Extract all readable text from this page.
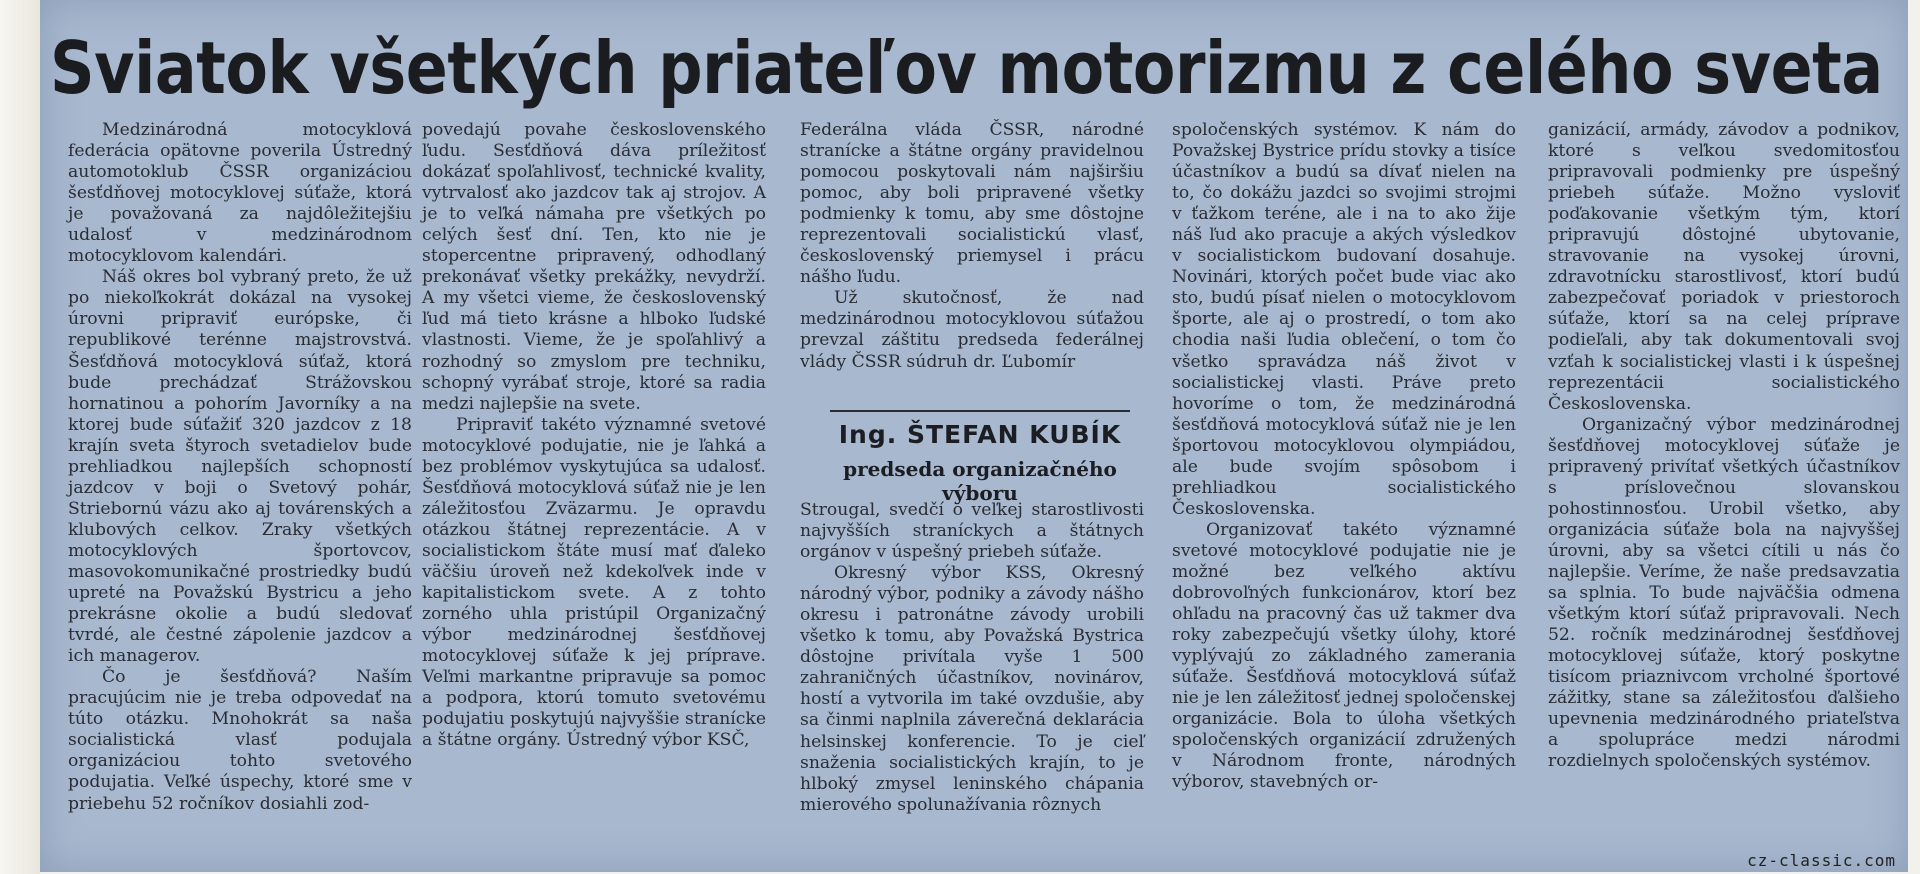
Sviatok všetkých priateľov motorizmu z celého sveta

Medzinárodná motocyklová federácia opätovne poverila Ústredný automotoklub ČSSR organizáciou šesťdňovej motocyklovej súťaže, ktorá je považovaná za najdôležitejšiu udalosť v medzinárodnom motocyklovom kalendári.

Náš okres bol vybraný preto, že už po niekoľkokrát dokázal na vysokej úrovni pripraviť európske, či republikové terénne majstrovstvá. Šesťdňová motocyklová súťaž, ktorá bude prechádzať Strážovskou hornatinou a pohorím Javorníky a na ktorej bude súťažiť 320 jazdcov z 18 krajín sveta štyroch svetadielov bude prehliadkou najlepších schopností jazdcov v boji o Svetový pohár, Striebornú vázu ako aj továrenských a klubových celkov. Zraky všetkých motocyklových športovcov, masovokomunikačné prostriedky budú upreté na Považskú Bystricu a jeho prekrásne okolie a budú sledovať tvrdé, ale čestné zápolenie jazdcov a ich managerov.

Čo je šesťdňová? Naším pracujúcim nie je treba odpovedať na túto otázku. Mnohokrát sa naša socialistická vlasť podujala organizáciou tohto svetového podujatia. Veľké úspechy, ktoré sme v priebehu 52 ročníkov dosiahli zod-

povedajú povahe československého ľudu. Sesťdňová dáva príležitosť dokázať spoľahlivosť, technické kvality, vytrvalosť ako jazdcov tak aj strojov. A je to veľká námaha pre všetkých po celých šesť dní. Ten, kto nie je stopercentne pripravený, odhodlaný prekonávať všetky prekážky, nevydrží. A my všetci vieme, že československý ľud má tieto krásne a hlboko ľudské vlastnosti. Vieme, že je spoľahlivý a rozhodný so zmyslom pre techniku, schopný vyrábať stroje, ktoré sa radia medzi najlepšie na svete.

Pripraviť takéto významné svetové motocyklové podujatie, nie je ľahká a bez problémov vyskytujúca sa udalosť. Šesťdňová motocyklová súťaž nie je len záležitosťou Zväzarmu. Je opravdu otázkou štátnej reprezentácie. A v socialistickom štáte musí mať ďaleko väčšiu úroveň než kdekoľvek inde v kapitalistickom svete. A z tohto zorného uhla pristúpil Organizačný výbor medzinárodnej šesťdňovej motocyklovej súťaže k jej príprave. Veľmi markantne pripravuje sa pomoc a podpora, ktorú tomuto svetovému podujatiu poskytujú najvyššie stranícke a štátne orgány. Ústredný výbor KSČ,

Federálna vláda ČSSR, národné stranícke a štátne orgány pravidelnou pomocou poskytovali nám najširšiu pomoc, aby boli pripravené všetky podmienky k tomu, aby sme dôstojne reprezentovali socialistickú vlasť, československý priemysel i prácu nášho ľudu.

Už skutočnosť, že nad medzinárodnou motocyklovou súťažou prevzal záštitu predseda federálnej vlády ČSSR súdruh dr. Ľubomír

Ing. ŠTEFAN KUBÍK
predseda organizačného výboru

Strougal, svedčí o veľkej starostlivosti najvyšších straníckych a štátnych orgánov v úspešný priebeh súťaže.

Okresný výbor KSS, Okresný národný výbor, podniky a závody nášho okresu i patronátne závody urobili všetko k tomu, aby Považská Bystrica dôstojne privítala vyše 1 500 zahraničných účastníkov, novinárov, hostí a vytvorila im také ovzdušie, aby sa činmi naplnila záverečná deklarácia helsinskej konferencie. To je cieľ snaženia socialistických krajín, to je hlboký zmysel leninského chápania mierového spolunažívania rôznych

spoločenských systémov. K nám do Považskej Bystrice prídu stovky a tisíce účastníkov a budú sa dívať nielen na to, čo dokážu jazdci so svojimi strojmi v ťažkom teréne, ale i na to ako žije náš ľud ako pracuje a akých výsledkov v socialistickom budovaní dosahuje. Novinári, ktorých počet bude viac ako sto, budú písať nielen o motocyklovom športe, ale aj o prostredí, o tom ako chodia naši ľudia oblečení, o tom čo všetko spravádza náš život v socialistickej vlasti. Práve preto hovoríme o tom, že medzinárodná šesťdňová motocyklová súťaž nie je len športovou motocyklovou olympiádou, ale bude svojím spôsobom i prehliadkou socialistického Československa.

Organizovať takéto významné svetové motocyklové podujatie nie je možné bez veľkého aktívu dobrovoľných funkcionárov, ktorí bez ohľadu na pracovný čas už takmer dva roky zabezpečujú všetky úlohy, ktoré vyplývajú zo základného zamerania súťaže. Šesťdňová motocyklová súťaž nie je len záležitosť jednej spoločenskej organizácie. Bola to úloha všetkých spoločenských organizácií združených v Národnom fronte, národných výborov, stavebných or-

ganizácií, armády, závodov a podnikov, ktoré s veľkou svedomitosťou pripravovali podmienky pre úspešný priebeh súťaže. Možno vysloviť poďakovanie všetkým tým, ktorí pripravujú dôstojné ubytovanie, stravovanie na vysokej úrovni, zdravotnícku starostlivosť, ktorí budú zabezpečovať poriadok v priestoroch súťaže, ktorí sa na celej príprave podieľali, aby tak dokumentovali svoj vzťah k socialistickej vlasti i k úspešnej reprezentácii socialistického Československa.

Organizačný výbor medzinárodnej šesťdňovej motocyklovej súťaže je pripravený privítať všetkých účastníkov s príslovečnou slovanskou pohostinnosťou. Urobil všetko, aby organizácia súťaže bola na najvyššej úrovni, aby sa všetci cítili u nás čo najlepšie. Veríme, že naše predsavzatia sa splnia. To bude najväčšia odmena všetkým ktorí súťaž pripravovali. Nech 52. ročník medzinárodnej šesťdňovej motocyklovej súťaže, ktorý poskytne tisícom priaznivcom vrcholné športové zážitky, stane sa záležitosťou ďalšieho upevnenia medzinárodného priateľstva a spolupráce medzi národmi rozdielnych spoločenských systémov.

cz-classic.com
